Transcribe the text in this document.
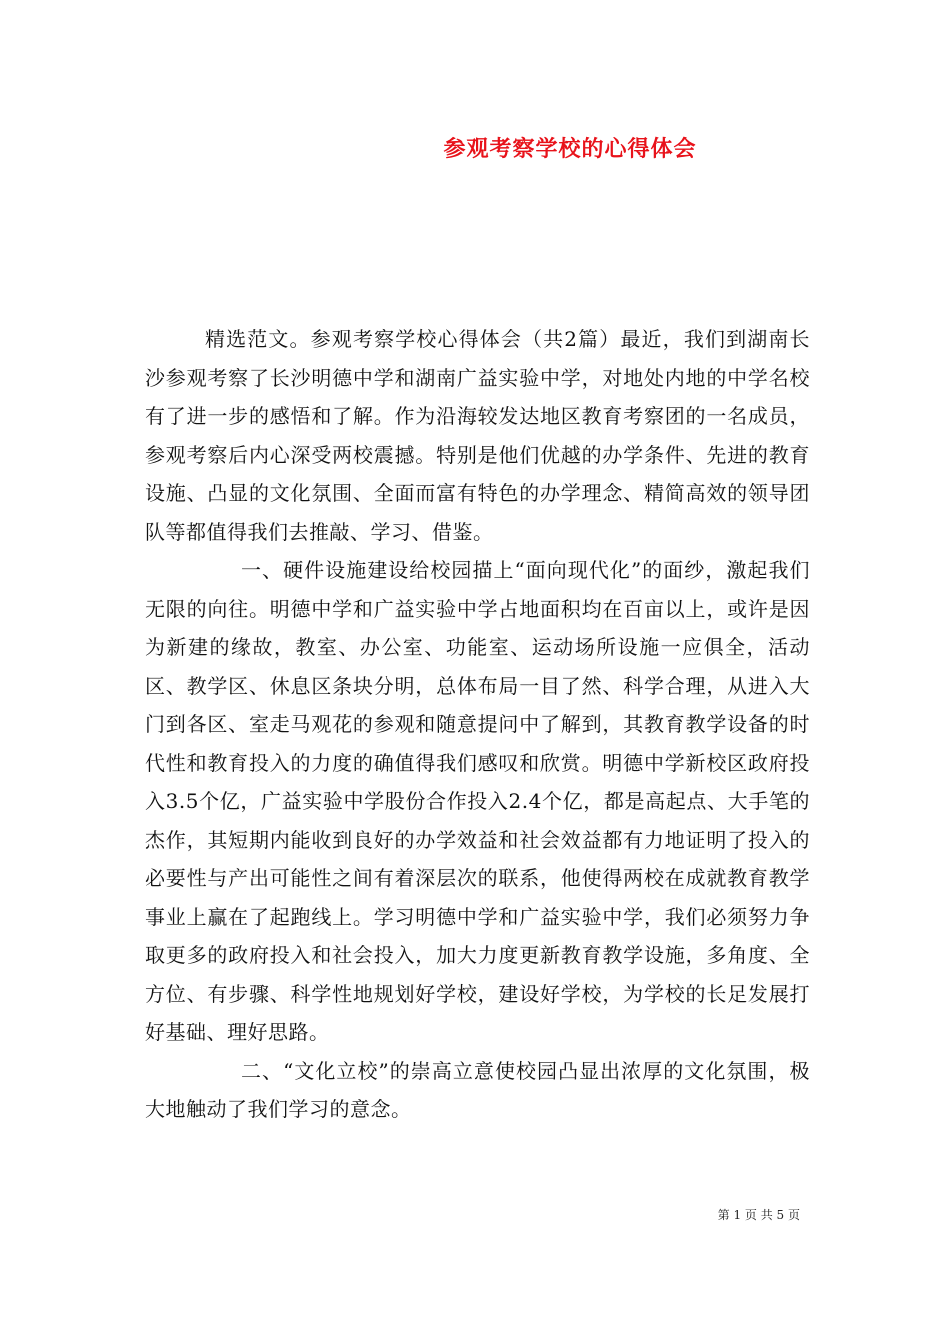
参观考察学校的心得体会

精选范文。参观考察学校心得体会（共2篇）最近，我们到湖南长沙参观考察了长沙明德中学和湖南广益实验中学，对地处内地的中学名校有了进一步的感悟和了解。作为沿海较发达地区教育考察团的一名成员，参观考察后内心深受两校震撼。特别是他们优越的办学条件、先进的教育设施、凸显的文化氛围、全面而富有特色的办学理念、精简高效的领导团队等都值得我们去推敲、学习、借鉴。

一、硬件设施建设给校园描上“面向现代化”的面纱，激起我们无限的向往。明德中学和广益实验中学占地面积均在百亩以上，或许是因为新建的缘故，教室、办公室、功能室、运动场所设施一应俱全，活动区、教学区、休息区条块分明，总体布局一目了然、科学合理，从进入大门到各区、室走马观花的参观和随意提问中了解到，其教育教学设备的时代性和教育投入的力度的确值得我们感叹和欣赏。明德中学新校区政府投入3.5个亿，广益实验中学股份合作投入2.4个亿，都是高起点、大手笔的杰作，其短期内能收到良好的办学效益和社会效益都有力地证明了投入的必要性与产出可能性之间有着深层次的联系，他使得两校在成就教育教学事业上赢在了起跑线上。学习明德中学和广益实验中学，我们必须努力争取更多的政府投入和社会投入，加大力度更新教育教学设施，多角度、全方位、有步骤、科学性地规划好学校，建设好学校，为学校的长足发展打好基础、理好思路。

二、“文化立校”的崇高立意使校园凸显出浓厚的文化氛围，极大地触动了我们学习的意念。

第 1 页 共 5 页
